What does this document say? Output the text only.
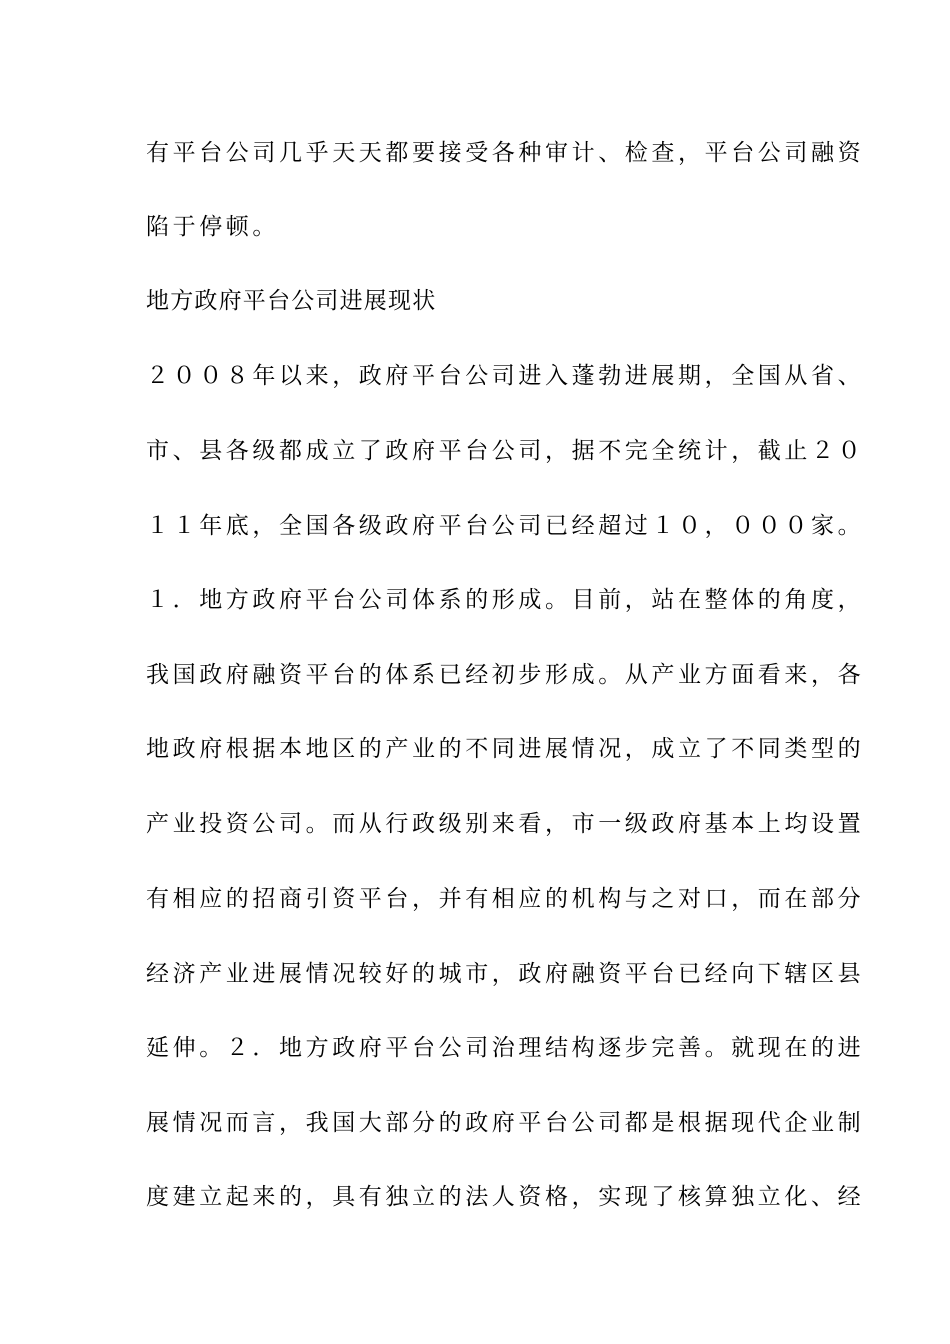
有平台公司几乎天天都要接受各种审计、检查，平台公司融资
陷于停顿。
地方政府平台公司进展现状
２００８年以来，政府平台公司进入蓬勃进展期，全国从省、
市、县各级都成立了政府平台公司，据不完全统计，截止２０
１１年底，全国各级政府平台公司已经超过１０，０００家。
１．地方政府平台公司体系的形成。目前，站在整体的角度，
我国政府融资平台的体系已经初步形成。从产业方面看来，各
地政府根据本地区的产业的不同进展情况，成立了不同类型的
产业投资公司。而从行政级别来看，市一级政府基本上均设置
有相应的招商引资平台，并有相应的机构与之对口，而在部分
经济产业进展情况较好的城市，政府融资平台已经向下辖区县
延伸。２．地方政府平台公司治理结构逐步完善。就现在的进
展情况而言，我国大部分的政府平台公司都是根据现代企业制
度建立起来的，具有独立的法人资格，实现了核算独立化、经
